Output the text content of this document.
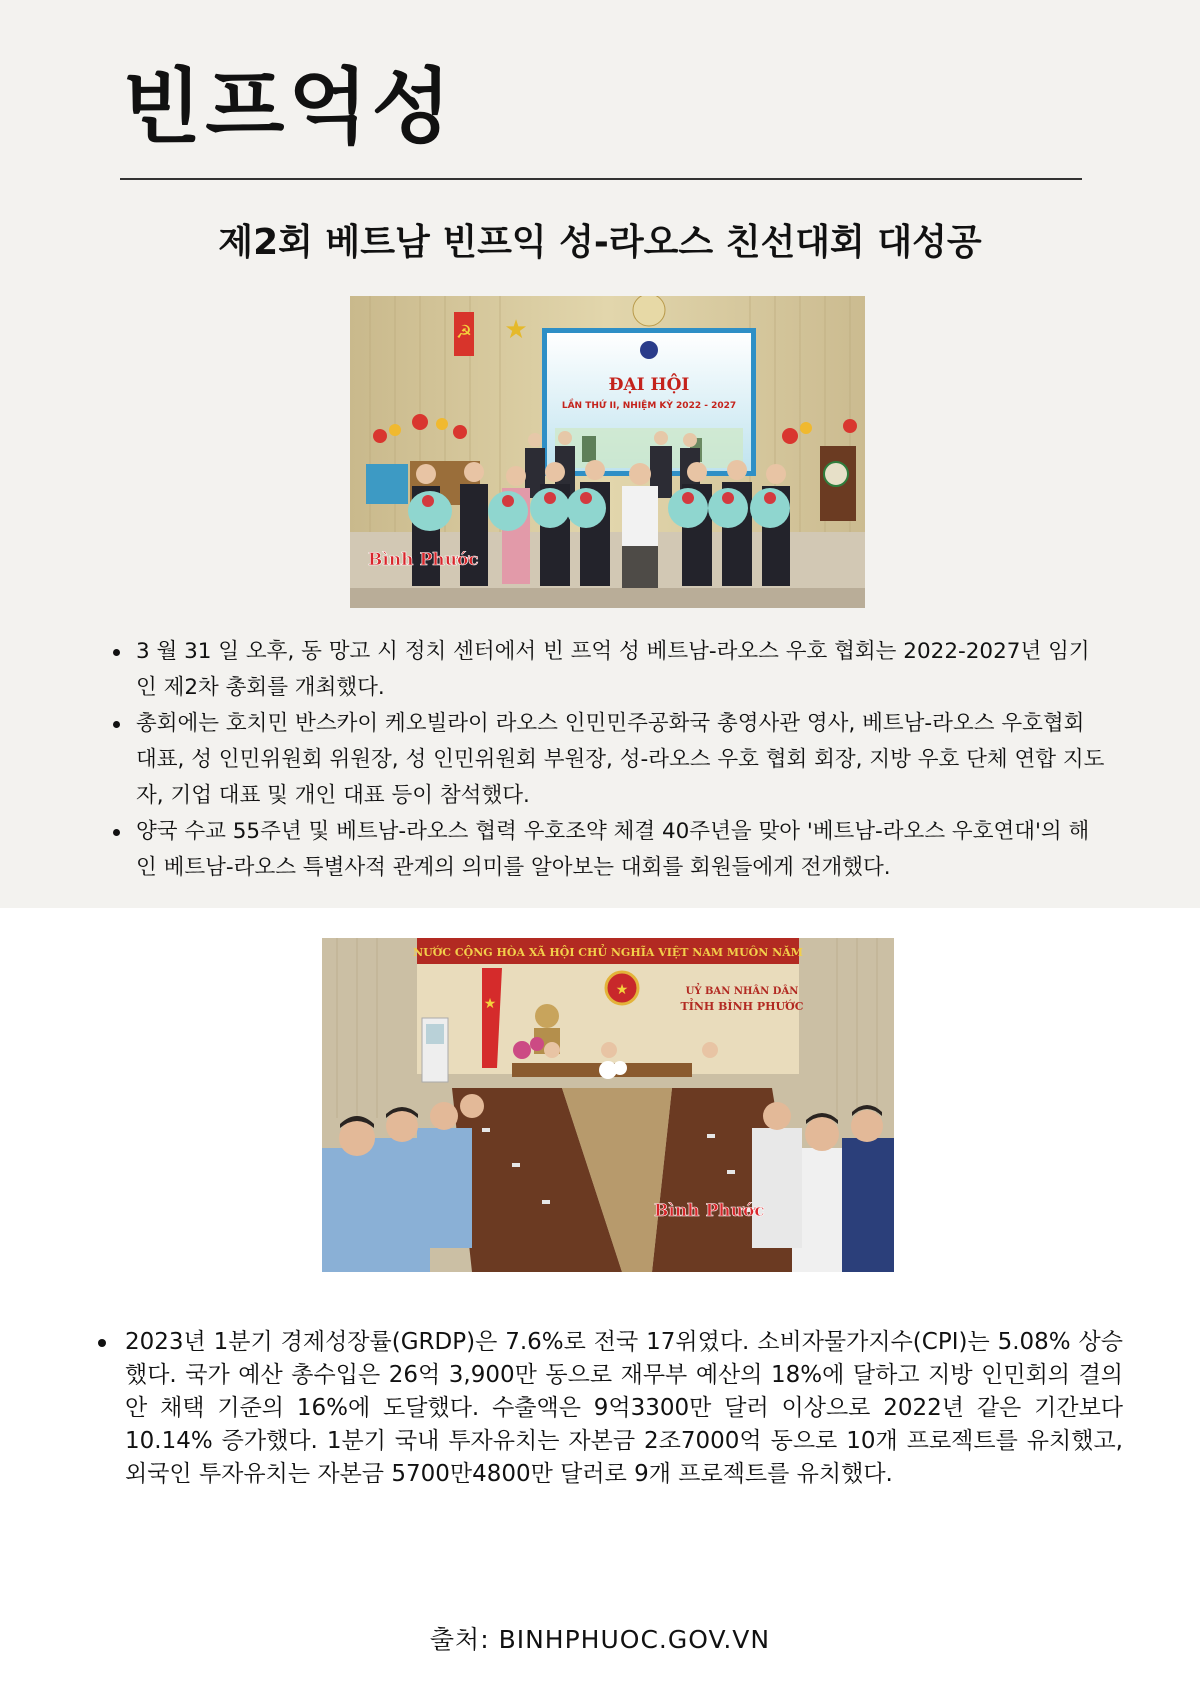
빈프억성
제2회 베트남 빈프익 성-라오스 친선대회 대성공
☭ ★
ĐẠI HỘI
LẦN THỨ II, NHIỆM KỲ 2022 - 2027
Bình Phước
3 월 31 일 오후, 동 망고 시 정치 센터에서 빈 프억 성 베트남-라오스 우호 협회는 2022-2027년 임기인 제2차 총회를 개최했다.
총회에는 호치민 반스카이 케오빌라이 라오스 인민민주공화국 총영사관 영사, 베트남-라오스 우호협회 대표, 성 인민위원회 위원장, 성 인민위원회 부원장, 성-라오스 우호 협회 회장, 지방 우호 단체 연합 지도자, 기업 대표 및 개인 대표 등이 참석했다.
양국 수교 55주년 및 베트남-라오스 협력 우호조약 체결 40주년을 맞아 '베트남-라오스 우호연대'의 해인 베트남-라오스 특별사적 관계의 의미를 알아보는 대회를 회원들에게 전개했다.
NƯỚC CỘNG HÒA XÃ HỘI CHỦ NGHĨA VIỆT NAM MUÔN NĂM
★
★	UỶ BAN NHÂN DÂN
TỈNH BÌNH PHƯỚC
Bình Phước
2023년 1분기 경제성장률(GRDP)은 7.6%로 전국 17위였다. 소비자물가지수(CPI)는 5.08% 상승했다. 국가 예산 총수입은 26억 3,900만 동으로 재무부 예산의 18%에 달하고 지방 인민회의 결의안 채택 기준의 16%에 도달했다. 수출액은 9억3300만 달러 이상으로 2022년 같은 기간보다 10.14% 증가했다. 1분기 국내 투자유치는 자본금 2조7000억 동으로 10개 프로젝트를 유치했고, 외국인 투자유치는 자본금 5700만4800만 달러로 9개 프로젝트를 유치했다.
출처: BINHPHUOC.GOV.VN
